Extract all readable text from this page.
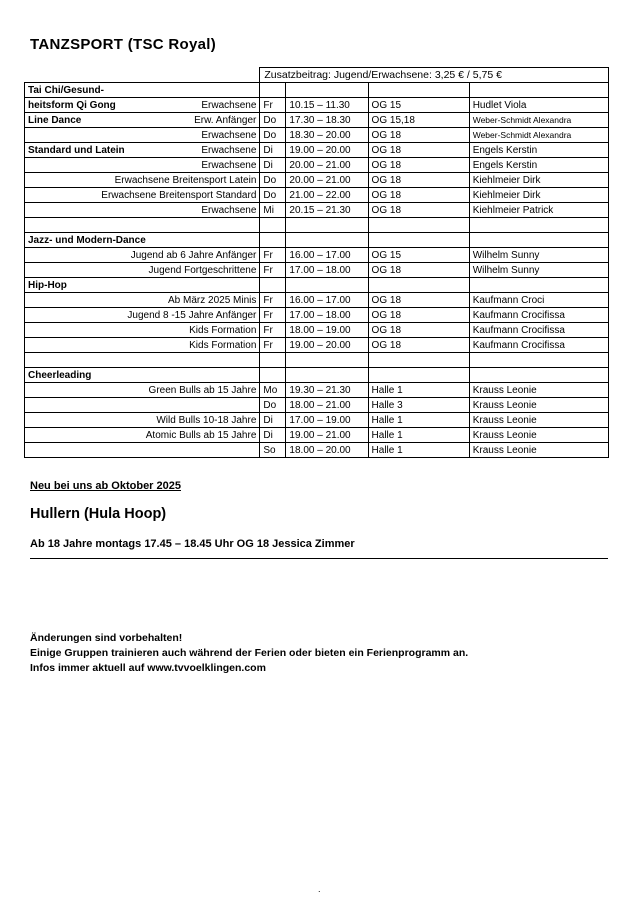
TANZSPORT (TSC Royal)
	Zusatzbeitrag: Jugend/Erwachsene: 3,25 € / 5,75 €			
Tai Chi/Gesund-				

heitsform Qi Gong Erwachsene	Fr	10.15 – 11.30	OG 15	Hudlet Viola

Line Dance Erw. Anfänger	Do	17.30 – 18.30	OG 15,18	Weber-Schmidt Alexandra
Erwachsene	Do	18.30 – 20.00	OG 18	Weber-Schmidt Alexandra

Standard und Latein Erwachsene	Di	19.00 – 20.00	OG 18	Engels Kerstin
Erwachsene	Di	20.00 – 21.00	OG 18	Engels Kerstin
Erwachsene Breitensport Latein	Do	20.00 – 21.00	OG 18	Kiehlmeier Dirk
Erwachsene Breitensport Standard	Do	21.00 – 22.00	OG 18	Kiehlmeier Dirk
Erwachsene	Mi	20.15 – 21.30	OG 18	Kiehlmeier Patrick

Jazz- und Modern-Dance				
Jugend ab 6 Jahre Anfänger	Fr	16.00 – 17.00	OG 15	Wilhelm Sunny
Jugend Fortgeschrittene	Fr	17.00 – 18.00	OG 18	Wilhelm Sunny
Hip-Hop				
Ab März 2025 Minis	Fr	16.00 – 17.00	OG 18	Kaufmann Croci
Jugend 8 -15 Jahre Anfänger	Fr	17.00 – 18.00	OG 18	Kaufmann Crocifissa
Kids Formation	Fr	18.00 – 19.00	OG 18	Kaufmann Crocifissa
Kids Formation	Fr	19.00 – 20.00	OG 18	Kaufmann Crocifissa

Cheerleading				
Green Bulls ab 15 Jahre	Mo	19.30 – 21.30	Halle 1	Krauss Leonie
	Do	18.00 – 21.00	Halle 3	Krauss Leonie
Wild Bulls 10-18 Jahre	Di	17.00 – 19.00	Halle 1	Krauss Leonie
Atomic Bulls ab 15 Jahre	Di	19.00 – 21.00	Halle 1	Krauss Leonie
	So	18.00 – 20.00	Halle 1	Krauss Leonie
Neu bei uns ab Oktober 2025
Hullern (Hula Hoop)
Ab 18 Jahre montags 17.45 – 18.45 Uhr OG 18 Jessica Zimmer
Änderungen sind vorbehalten!
Einige Gruppen trainieren auch während der Ferien oder bieten ein Ferienprogramm an.
Infos immer aktuell auf www.tvvoelklingen.com
.
